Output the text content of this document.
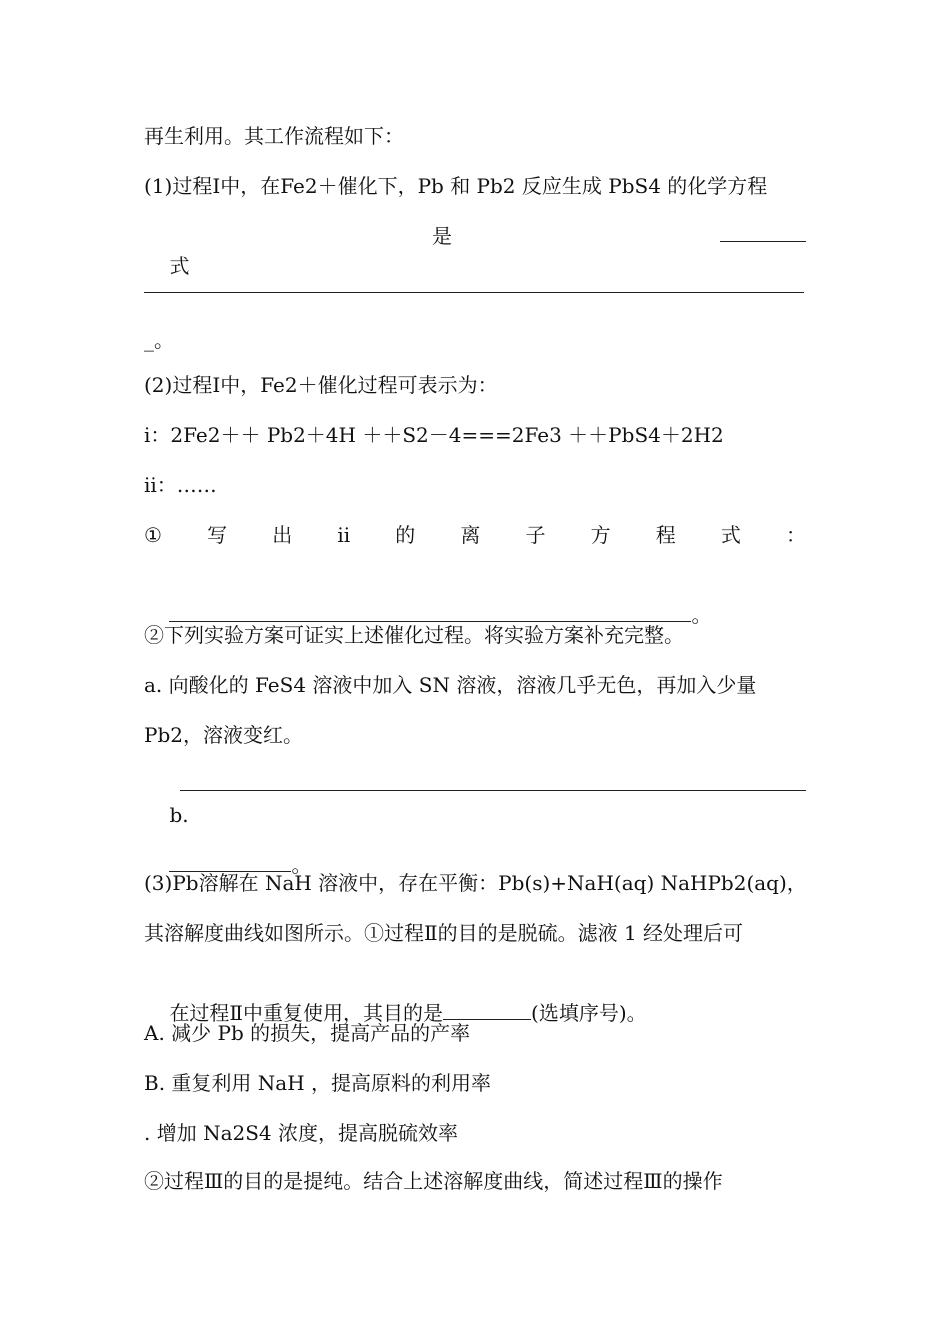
再生利用。其工作流程如下：
(1)过程Ⅰ中，在Fe2＋催化下，Pb 和 Pb2 反应生成 PbS4 的化学方程

式

是

_。
(2)过程Ⅰ中，Fe2＋催化过程可表示为：
i：2Fe2＋＋ Pb2＋4H ＋＋S2－4===2Fe3 ＋＋PbS4＋2H2
ii：……
① 写 出 ii 的 离 子 方 程 式 ：

。

②下列实验方案可证实上述催化过程。将实验方案补充完整。
a. 向酸化的 FeS4 溶液中加入 SN 溶液，溶液几乎无色，再加入少量
Pb2，溶液变红。

b.

。

(3)Pb溶解在 NaH 溶液中，存在平衡：Pb(s)+NaH(aq) NaHPb2(aq)，
其溶解度曲线如图所示。①过程Ⅱ的目的是脱硫。滤液 1 经处理后可

在过程Ⅱ中重复使用，其目的是	(选填序号)。

A. 减少 Pb 的损失，提高产品的产率
B. 重复利用 NaH ，提高原料的利用率
. 增加 Na2S4 浓度，提高脱硫效率
②过程Ⅲ的目的是提纯。结合上述溶解度曲线，简述过程Ⅲ的操作
